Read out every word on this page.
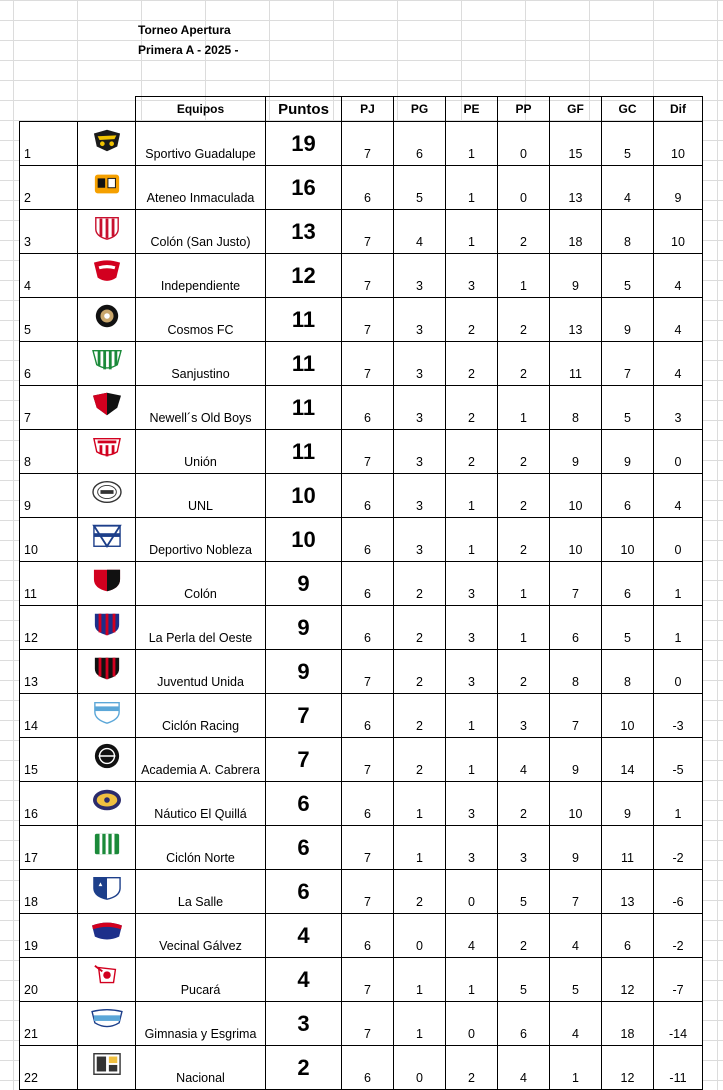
Torneo Apertura
Primera A - 2025 -
		Equipos	Puntos	PJ	PG	PE	PP	GF	GC	Dif
1		Sportivo Guadalupe	19	7	6	1	0	15	5	10
2		Ateneo Inmaculada	16	6	5	1	0	13	4	9
3		Colón (San Justo)	13	7	4	1	2	18	8	10
4		Independiente	12	7	3	3	1	9	5	4
5		Cosmos FC	11	7	3	2	2	13	9	4
6		Sanjustino	11	7	3	2	2	11	7	4
7		Newell´s Old Boys	11	6	3	2	1	8	5	3
8		Unión	11	7	3	2	2	9	9	0
9		UNL	10	6	3	1	2	10	6	4
10		Deportivo Nobleza	10	6	3	1	2	10	10	0
11		Colón	9	6	2	3	1	7	6	1
12		La Perla del Oeste	9	6	2	3	1	6	5	1
13		Juventud Unida	9	7	2	3	2	8	8	0
14		Ciclón Racing	7	6	2	1	3	7	10	-3
15		Academia A. Cabrera	7	7	2	1	4	9	14	-5
16		Náutico El Quillá	6	6	1	3	2	10	9	1
17		Ciclón Norte	6	7	1	3	3	9	11	-2
18		La Salle	6	7	2	0	5	7	13	-6
19		Vecinal Gálvez	4	6	0	4	2	4	6	-2
20		Pucará	4	7	1	1	5	5	12	-7
21		Gimnasia y Esgrima	3	7	1	0	6	4	18	-14
22		Nacional	2	6	0	2	4	1	12	-11
